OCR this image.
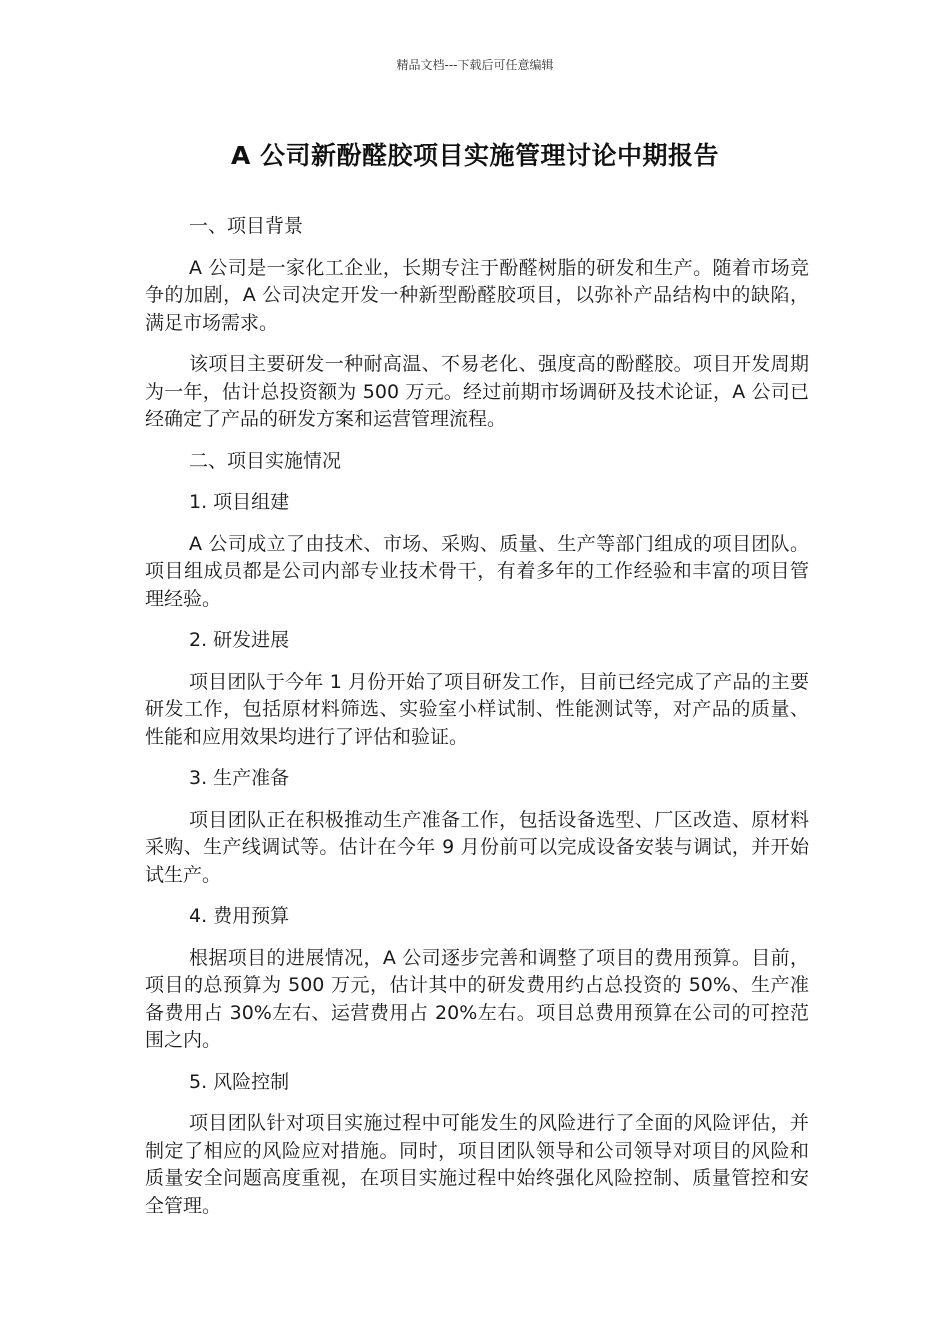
精品文档---下载后可任意编辑
A 公司新酚醛胶项目实施管理讨论中期报告

一、项目背景

A 公司是一家化工企业，长期专注于酚醛树脂的研发和生产。随着市场竞争的加剧，A 公司决定开发一种新型酚醛胶项目，以弥补产品结构中的缺陷，满足市场需求。

该项目主要研发一种耐高温、不易老化、强度高的酚醛胶。项目开发周期为一年，估计总投资额为 500 万元。经过前期市场调研及技术论证，A 公司已经确定了产品的研发方案和运营管理流程。

二、项目实施情况

1. 项目组建

A 公司成立了由技术、市场、采购、质量、生产等部门组成的项目团队。项目组成员都是公司内部专业技术骨干，有着多年的工作经验和丰富的项目管理经验。

2. 研发进展

项目团队于今年 1 月份开始了项目研发工作，目前已经完成了产品的主要研发工作，包括原材料筛选、实验室小样试制、性能测试等，对产品的质量、性能和应用效果均进行了评估和验证。

3. 生产准备

项目团队正在积极推动生产准备工作，包括设备选型、厂区改造、原材料采购、生产线调试等。估计在今年 9 月份前可以完成设备安装与调试，并开始试生产。

4. 费用预算

根据项目的进展情况，A 公司逐步完善和调整了项目的费用预算。目前，项目的总预算为 500 万元，估计其中的研发费用约占总投资的 50%、生产准备费用占 30%左右、运营费用占 20%左右。项目总费用预算在公司的可控范围之内。

5. 风险控制

项目团队针对项目实施过程中可能发生的风险进行了全面的风险评估，并制定了相应的风险应对措施。同时，项目团队领导和公司领导对项目的风险和质量安全问题高度重视，在项目实施过程中始终强化风险控制、质量管控和安全管理。
